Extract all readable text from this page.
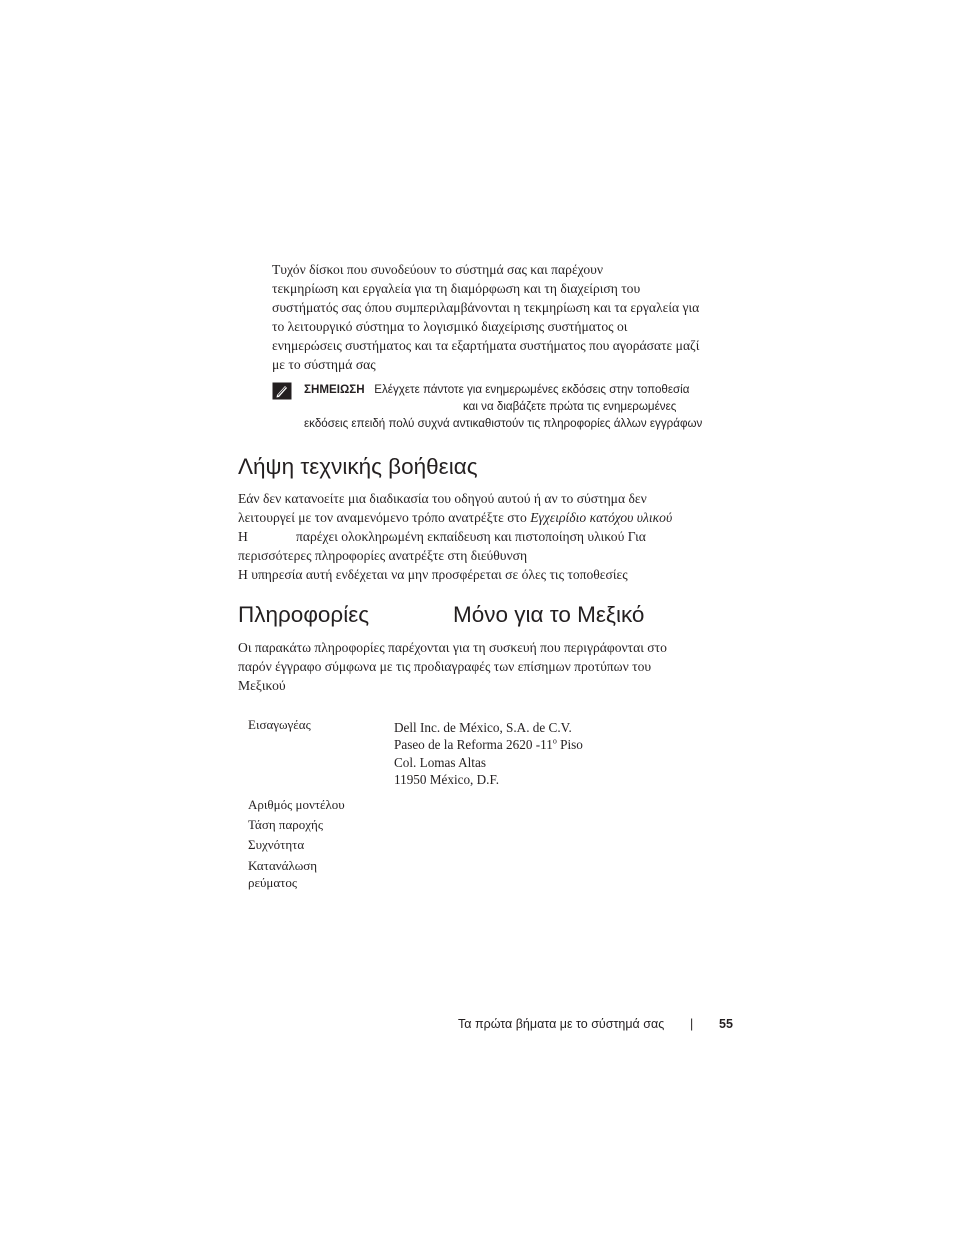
Τυχόν δίσκοι που συνοδεύουν το σύστημά σας και παρέχουν
τεκμηρίωση και εργαλεία για τη διαμόρφωση και τη διαχείριση του
συστήματός σας όπου συμπεριλαμβάνονται η τεκμηρίωση και τα εργαλεία για
το λειτουργικό σύστημα το λογισμικό διαχείρισης συστήματος οι
ενημερώσεις συστήματος και τα εξαρτήματα συστήματος που αγοράσατε μαζί
με το σύστημά σας
ΣΗΜΕΙΩΣΗ Ελέγχετε πάντοτε για ενημερωμένες εκδόσεις στην τοποθεσία
και να διαβάζετε πρώτα τις ενημερωμένες
εκδόσεις επειδή πολύ συχνά αντικαθιστούν τις πληροφορίες άλλων εγγράφων
Λήψη τεχνικής βοήθειας
Εάν δεν κατανοείτε μια διαδικασία του οδηγού αυτού ή αν το σύστημα δεν
λειτουργεί με τον αναμενόμενο τρόπο ανατρέξτε στο Εγχειρίδιο κατόχου υλικού
Η	παρέχει ολοκληρωμένη εκπαίδευση και πιστοποίηση υλικού Για
περισσότερες πληροφορίες ανατρέξτε στη διεύθυνση
Η υπηρεσία αυτή ενδέχεται να μην προσφέρεται σε όλες τις τοποθεσίες
Πληροφορίες	Μόνο για το Μεξικό
Οι παρακάτω πληροφορίες παρέχονται για τη συσκευή που περιγράφονται στο
παρόν έγγραφο σύμφωνα με τις προδιαγραφές των επίσημων προτύπων του
Μεξικού
Εισαγωγέας	Dell Inc. de México, S.A. de C.V.
Paseo de la Reforma 2620 -11$^o$ Piso
Col. Lomas Altas
11950 México, D.F.
Αριθμός μοντέλου
Τάση παροχής
Συχνότητα
Κατανάλωση
ρεύματος
Τα πρώτα βήματα με το σύστημά σας | 55
